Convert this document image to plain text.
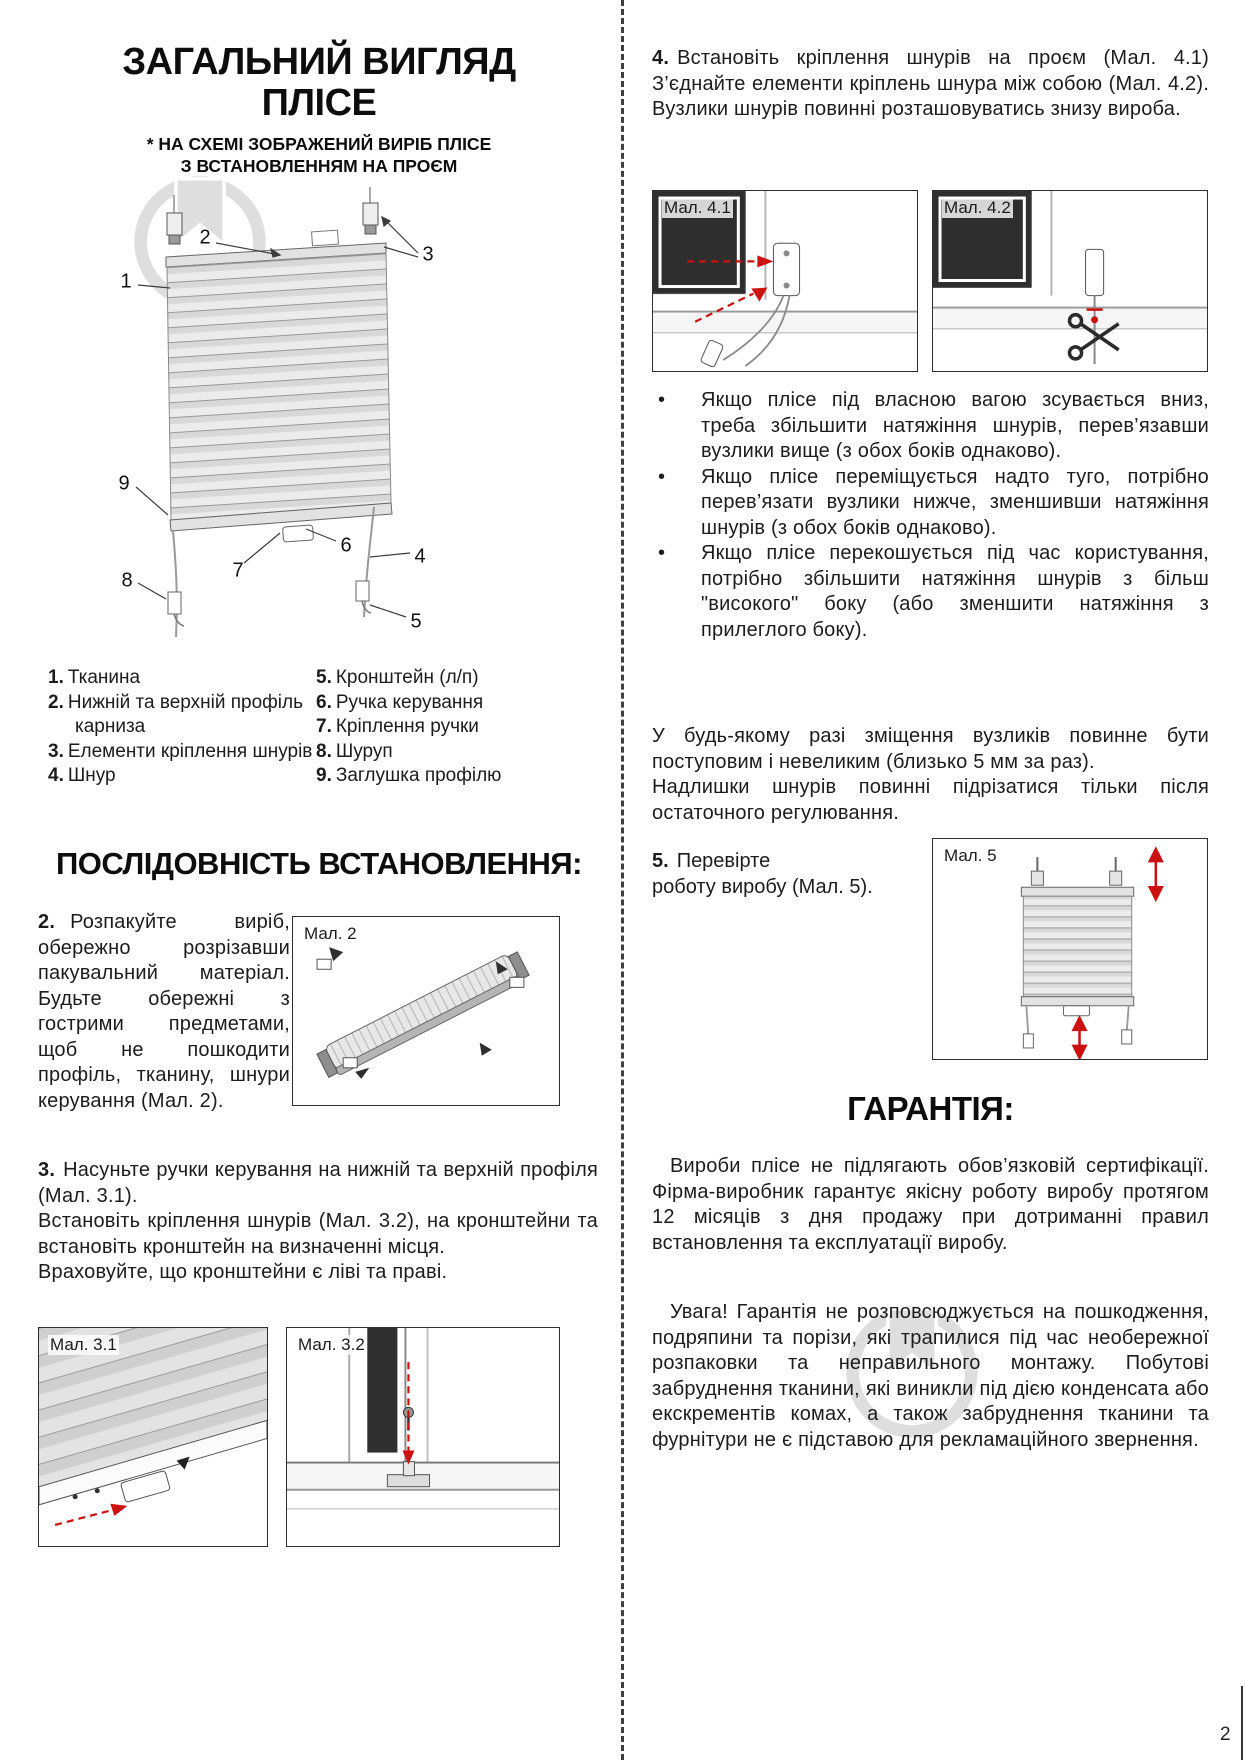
ЗАГАЛЬНИЙ ВИГЛЯД
ПЛІСЕ
* НА СХЕМІ ЗОБРАЖЕНИЙ ВИРІБ ПЛІСЕ
З ВСТАНОВЛЕННЯМ НА ПРОЄМ
1
2
3
4
5
6
7
8
9
1. Тканина
2. Нижній та верхній профіль карниза
3. Елементи кріплення шнурів
4. Шнур
5. Кронштейн (л/п)
6. Ручка керування
7. Кріплення ручки
8. Шуруп
9. Заглушка профілю
ПОСЛІДОВНІСТЬ ВСТАНОВЛЕННЯ:
2. Розпакуйте виріб, обережно розрізавши пакувальний матеріал. Будьте обережні з гострими предметами, щоб не пошкодити профіль, тканину, шнури керування (Мал. 2).
Мал. 2

3. Насуньте ручки керування на нижній та верхній профіля (Мал. 3.1).

Встановіть кріплення шнурів (Мал. 3.2), на кронштейни та встановіть кронштейн на визначенні місця.

Враховуйте, що кронштейни є ліві та праві.

Мал. 3.1	Мал. 3.2
4. Встановіть кріплення шнурів на проєм (Мал. 4.1) З’єднайте елементи кріплень шнура між собою (Мал. 4.2). Вузлики шнурів повинні розташовуватись знизу вироба.
Мал. 4.1	Мал. 4.2
• Якщо плісе під власною вагою зсувається вниз, треба збільшити натяжіння шнурів, перев’язавши вузлики вище (з обох боків однаково).
• Якщо плісе переміщується надто туго, потрібно перев’язати вузлики нижче, зменшивши натяжіння шнурів (з обох боків однаково).
• Якщо плісе перекошується під час користування, потрібно збільшити натяжіння шнурів з більш "високого" боку (або зменшити натяжіння з прилеглого боку).

У будь-якому разі зміщення вузликів повинне бути поступовим і невеликим (близько 5 мм за раз).

Надлишки шнурів повинні підрізатися тільки після остаточного регулювання.

5. Перевірте
роботу виробу (Мал. 5).
Мал. 5
ГАРАНТІЯ:

Вироби плісе не підлягають обов’язковій сертифікації. Фірма-виробник гарантує якісну роботу виробу протягом 12 місяців з дня продажу при дотриманні правил встановлення та експлуатації виробу.

Увага! Гарантія не розповсюджується на пошкодження, подряпини та порізи, які трапилися під час необережної розпаковки та неправильного монтажу. Побутові забруднення тканини, які виникли під дією конденсата або екскрементів комах, а також забруднення тканини та фурнітури не є підставою для рекламаційного звернення.

2
